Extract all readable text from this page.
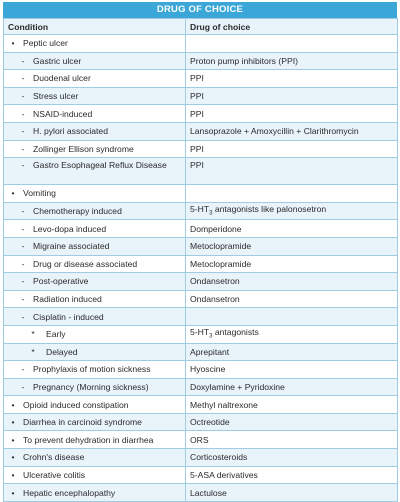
DRUG OF CHOICE
Condition	Drug of choice

• Peptic ulcer	

- Gastric ulcer	Proton pump inhibitors (PPI)

- Duodenal ulcer	PPI

- Stress ulcer	PPI

- NSAID-induced	PPI

- H. pylori associated	Lansoprazole + Amoxycillin + Clarithromycin

- Zollinger Ellison syndrome	PPI

- Gastro Esophageal Reflux Disease	PPI

• Vomiting	

- Chemotherapy induced	$5-HT_3$ antagonists like palonosetron

- Levo-dopa induced	Domperidone

- Migraine associated	Metoclopramide

- Drug or disease associated	Metoclopramide

- Post-operative	Ondansetron

- Radiation induced	Ondansetron

- Cisplatin - induced	

* Early	$5-HT_3$ antagonists

* Delayed	Aprepitant

- Prophylaxis of motion sickness	Hyoscine

- Pregnancy (Morning sickness)	Doxylamine + Pyridoxine

• Opioid induced constipation	Methyl naltrexone

• Diarrhea in carcinoid syndrome	Octreotide

• To prevent dehydration in diarrhea	ORS

• Crohn's disease	Corticosteroids

• Ulcerative colitis	5-ASA derivatives

• Hepatic encephalopathy	Lactulose
